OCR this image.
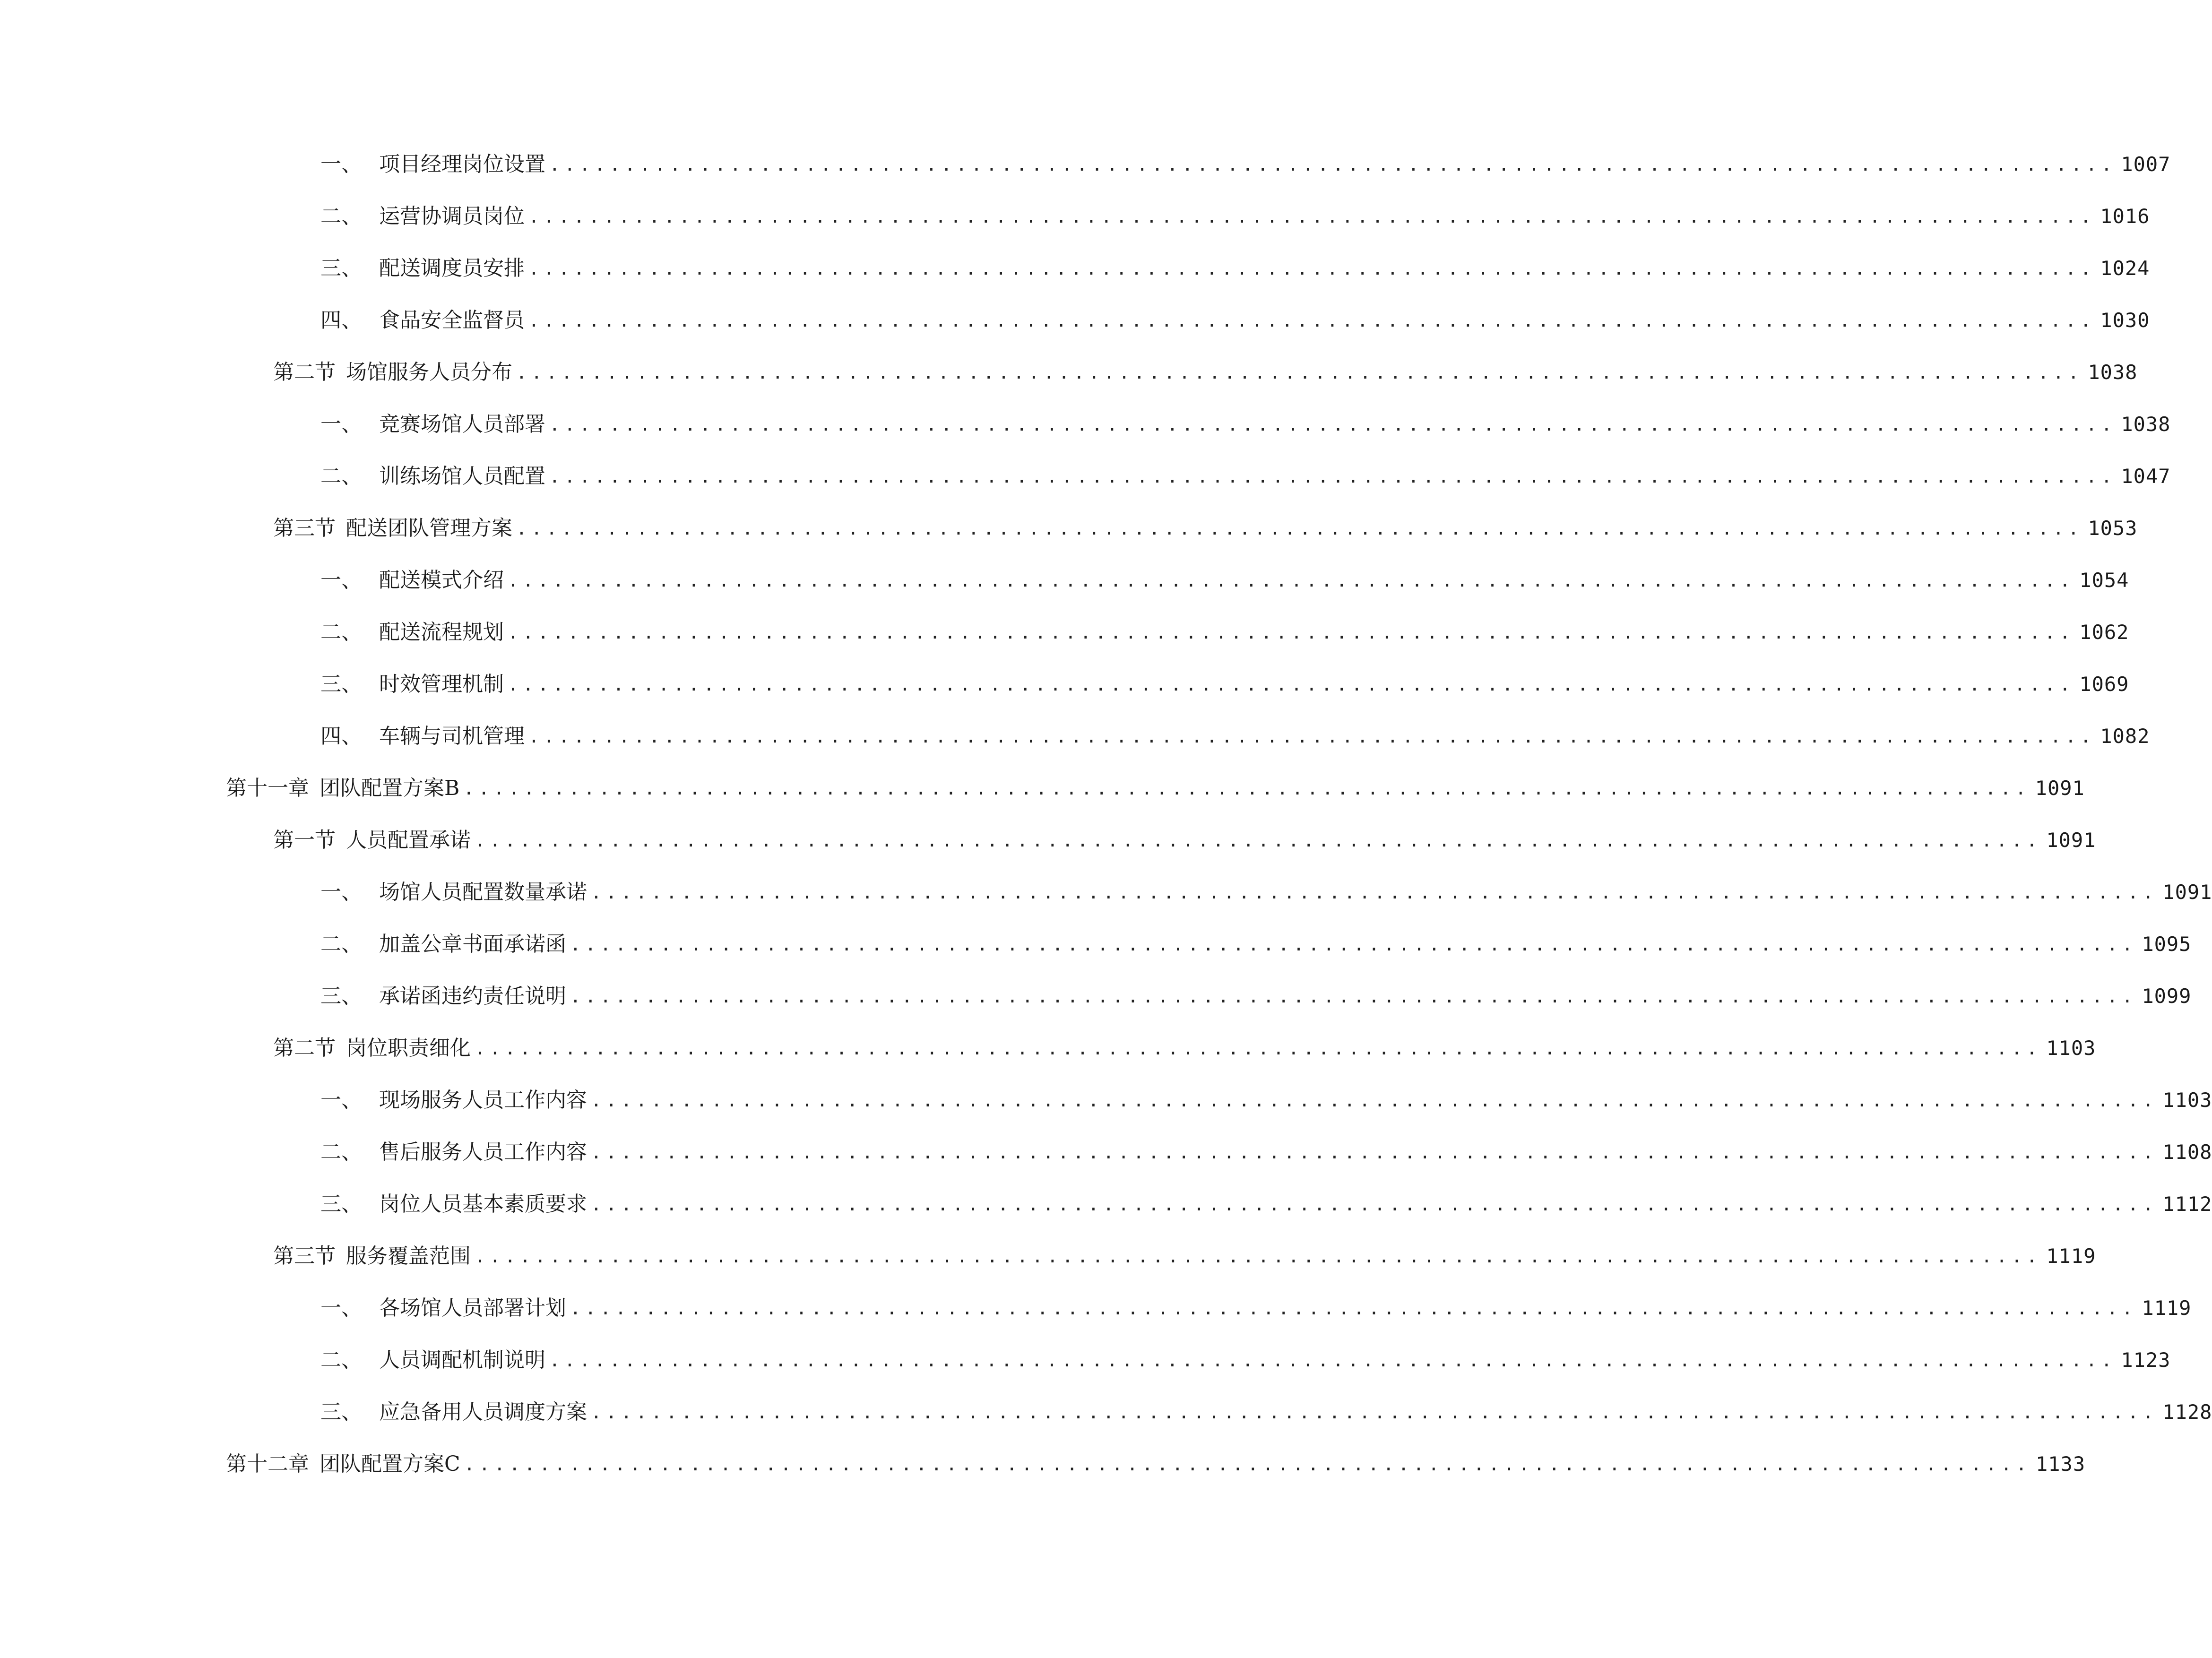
一、 项目经理岗位设置 ........................................................................................................ 1007
二、 运营协调员岗位 ........................................................................................................ 1016
三、 配送调度员安排 ........................................................................................................ 1024
四、 食品安全监督员 ........................................................................................................ 1030
第二节 场馆服务人员分布 ........................................................................................................ 1038
一、 竞赛场馆人员部署 ........................................................................................................ 1038
二、 训练场馆人员配置 ........................................................................................................ 1047
第三节 配送团队管理方案 ........................................................................................................ 1053
一、 配送模式介绍 ........................................................................................................ 1054
二、 配送流程规划 ........................................................................................................ 1062
三、 时效管理机制 ........................................................................................................ 1069
四、 车辆与司机管理 ........................................................................................................ 1082
第十一章 团队配置方案B ........................................................................................................ 1091
第一节 人员配置承诺 ........................................................................................................ 1091
一、 场馆人员配置数量承诺 ........................................................................................................ 1091
二、 加盖公章书面承诺函 ........................................................................................................ 1095
三、 承诺函违约责任说明 ........................................................................................................ 1099
第二节 岗位职责细化 ........................................................................................................ 1103
一、 现场服务人员工作内容 ........................................................................................................ 1103
二、 售后服务人员工作内容 ........................................................................................................ 1108
三、 岗位人员基本素质要求 ........................................................................................................ 1112
第三节 服务覆盖范围 ........................................................................................................ 1119
一、 各场馆人员部署计划 ........................................................................................................ 1119
二、 人员调配机制说明 ........................................................................................................ 1123
三、 应急备用人员调度方案 ........................................................................................................ 1128
第十二章 团队配置方案C ........................................................................................................ 1133
